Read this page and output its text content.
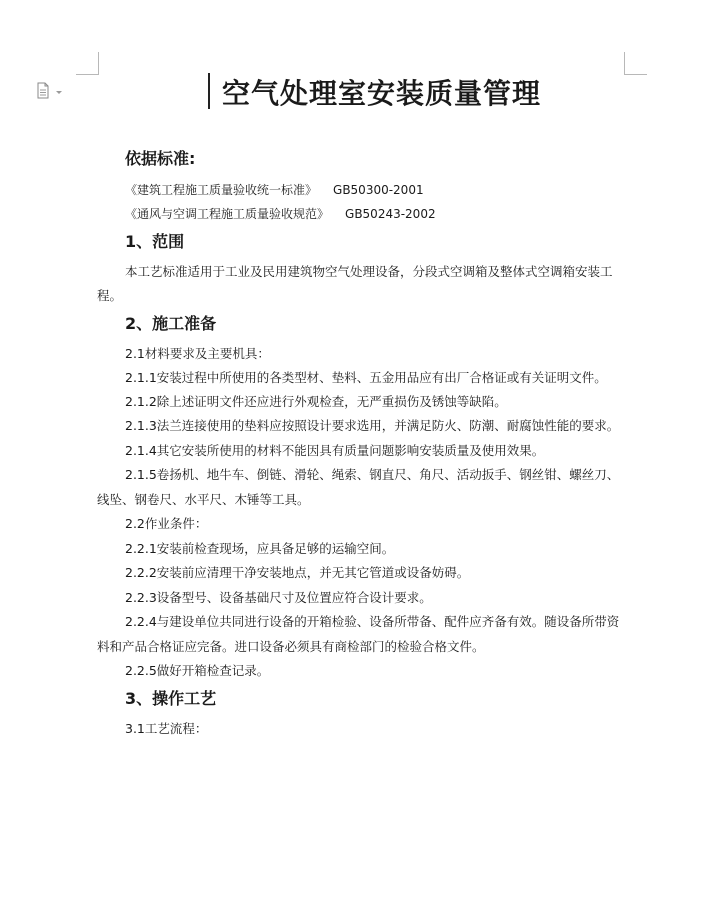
空气处理室安装质量管理
依据标准:
《建筑工程施工质量验收统一标准》 GB50300-2001
《通风与空调工程施工质量验收规范》 GB50243-2002
1、范围
本工艺标准适用于工业及民用建筑物空气处理设备，分段式空调箱及整体式空调箱安装工
程。
2、施工准备
2.1材料要求及主要机具：
2.1.1安装过程中所使用的各类型材、垫料、五金用品应有出厂合格证或有关证明文件。
2.1.2除上述证明文件还应进行外观检查，无严重损伤及锈蚀等缺陷。
2.1.3法兰连接使用的垫料应按照设计要求选用，并满足防火、防潮、耐腐蚀性能的要求。
2.1.4其它安装所使用的材料不能因具有质量问题影响安装质量及使用效果。
2.1.5卷扬机、地牛车、倒链、滑轮、绳索、钢直尺、角尺、活动扳手、钢丝钳、螺丝刀、
线坠、钢卷尺、水平尺、木锤等工具。
2.2作业条件：
2.2.1安装前检查现场，应具备足够的运输空间。
2.2.2安装前应清理干净安装地点，并无其它管道或设备妨碍。
2.2.3设备型号、设备基础尺寸及位置应符合设计要求。
2.2.4与建设单位共同进行设备的开箱检验、设备所带备、配件应齐备有效。随设备所带资
料和产品合格证应完备。进口设备必须具有商检部门的检验合格文件。
2.2.5做好开箱检查记录。
3、操作工艺
3.1工艺流程：
